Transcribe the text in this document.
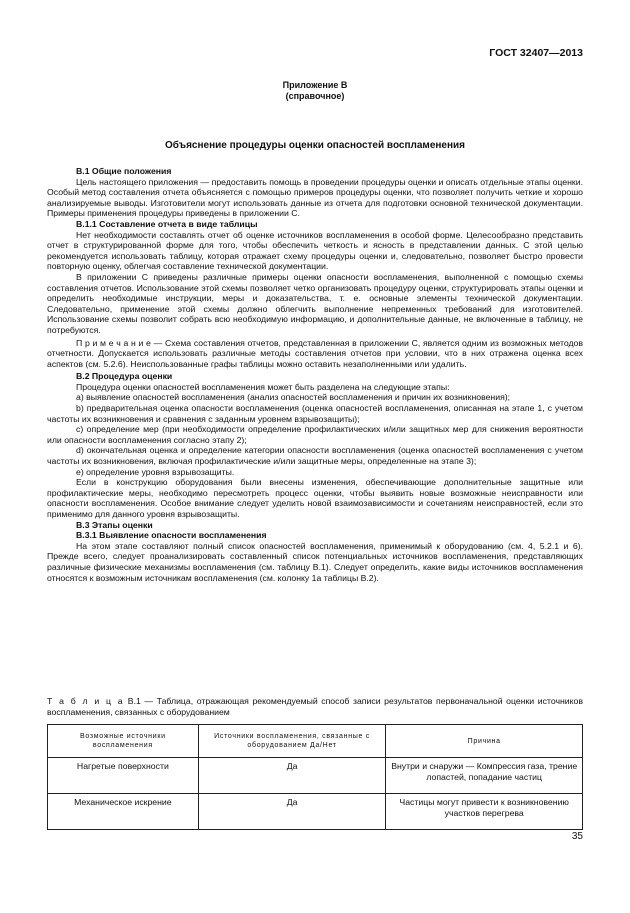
ГОСТ 32407—2013
Приложение В
(справочное)
Объяснение процедуры оценки опасностей воспламенения
В.1 Общие положения

Цель настоящего приложения — предоставить помощь в проведении процедуры оценки и описать отдельные этапы оценки. Особый метод составления отчета объясняется с помощью примеров процедуры оценки, что позволяет получить четкие и хорошо анализируемые выводы. Изготовители могут использовать данные из отчета для подготовки основной технической документации. Примеры применения процедуры приведены в приложении С.

В.1.1 Составление отчета в виде таблицы

Нет необходимости составлять отчет об оценке источников воспламенения в особой форме. Целесообразно представить отчет в структурированной форме для того, чтобы обеспечить четкость и ясность в представлении данных. С этой целью рекомендуется использовать таблицу, которая отражает схему процедуры оценки и, следовательно, позволяет быстро провести повторную оценку, облегчая составление технической документации.

В приложении С приведены различные примеры оценки опасности воспламенения, выполненной с помощью схемы составления отчетов. Использование этой схемы позволяет четко организовать процедуру оценки, структурировать этапы оценки и определить необходимые инструкции, меры и доказательства, т. е. основные элементы технической документации. Следовательно, применение этой схемы должно облегчить выполнение непременных требований для изготовителей. Использование схемы позволит собрать всю необходимую информацию, и дополнительные данные, не включенные в таблицу, не потребуются.

П р и м е ч а н и е — Схема составления отчетов, представленная в приложении С, является одним из возможных методов отчетности. Допускается использовать различные методы составления отчетов при условии, что в них отражена оценка всех аспектов (см. 5.2.6). Неиспользованные графы таблицы можно оставить незаполненными или удалить.

В.2 Процедура оценки

Процедура оценки опасностей воспламенения может быть разделена на следующие этапы:

а) выявление опасностей воспламенения (анализ опасностей воспламенения и причин их возникновения);

b) предварительная оценка опасности воспламенения (оценка опасностей воспламенения, описанная на этапе 1, с учетом частоты их возникновения и сравнения с заданным уровнем взрывозащиты);

с) определение мер (при необходимости определение профилактических и/или защитных мер для снижения вероятности или опасности воспламенения согласно этапу 2);

d) окончательная оценка и определение категории опасности воспламенения (оценка опасностей воспламенения с учетом частоты их возникновения, включая профилактические и/или защитные меры, определенные на этапе 3);

е) определение уровня взрывозащиты.

Если в конструкцию оборудования были внесены изменения, обеспечивающие дополнительные защитные или профилактические меры, необходимо пересмотреть процесс оценки, чтобы выявить новые возможные неисправности или опасности воспламенения. Особое внимание следует уделить новой взаимозависимости и сочетаниям неисправностей, если это применимо для данного уровня взрывозащиты.

В.3 Этапы оценки
В.3.1 Выявление опасности воспламенения

На этом этапе составляют полный список опасностей воспламенения, применимый к оборудованию (см. 4, 5.2.1 и 6). Прежде всего, следует проанализировать составленный список потенциальных источников воспламенения, представляющих различные физические механизмы воспламенения (см. таблицу В.1). Следует определить, какие виды источников воспламенения относятся к возможным источникам воспламенения (см. колонку 1а таблицы В.2).

Т а б л и ц а В.1 — Таблица, отражающая рекомендуемый способ записи результатов первоначальной оценки источников воспламенения, связанных с оборудованием
Возможные источники воспламенения	Источники воспламенения, связанные с оборудованием Да/Нет	Причина
Нагретые поверхности	Да	Внутри и снаружи — Компрессия газа, трение лопастей, попадание частиц
Механическое искрение	Да	Частицы могут привести к возникновению участков перегрева
35
